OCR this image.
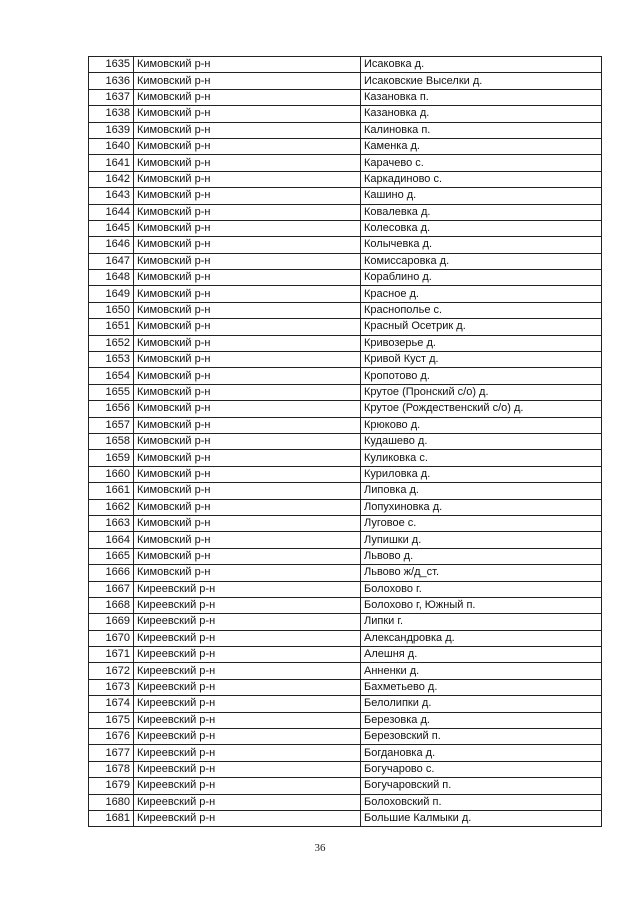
1635	Кимовский р-н	Исаковка д.
1636	Кимовский р-н	Исаковские Выселки д.
1637	Кимовский р-н	Казановка п.
1638	Кимовский р-н	Казановка д.
1639	Кимовский р-н	Калиновка п.
1640	Кимовский р-н	Каменка д.
1641	Кимовский р-н	Карачево с.
1642	Кимовский р-н	Каркадиново с.
1643	Кимовский р-н	Кашино д.
1644	Кимовский р-н	Ковалевка д.
1645	Кимовский р-н	Колесовка д.
1646	Кимовский р-н	Колычевка д.
1647	Кимовский р-н	Комиссаровка д.
1648	Кимовский р-н	Кораблино д.
1649	Кимовский р-н	Красное д.
1650	Кимовский р-н	Краснополье с.
1651	Кимовский р-н	Красный Осетрик д.
1652	Кимовский р-н	Кривозерье д.
1653	Кимовский р-н	Кривой Куст д.
1654	Кимовский р-н	Кропотово д.
1655	Кимовский р-н	Крутое (Пронский с/о) д.
1656	Кимовский р-н	Крутое (Рождественский с/о) д.
1657	Кимовский р-н	Крюково д.
1658	Кимовский р-н	Кудашево д.
1659	Кимовский р-н	Куликовка с.
1660	Кимовский р-н	Куриловка д.
1661	Кимовский р-н	Липовка д.
1662	Кимовский р-н	Лопухиновка д.
1663	Кимовский р-н	Луговое с.
1664	Кимовский р-н	Лупишки д.
1665	Кимовский р-н	Львово д.
1666	Кимовский р-н	Львово ж/д_ст.
1667	Киреевский р-н	Болохово г.
1668	Киреевский р-н	Болохово г, Южный п.
1669	Киреевский р-н	Липки г.
1670	Киреевский р-н	Александровка д.
1671	Киреевский р-н	Алешня д.
1672	Киреевский р-н	Анненки д.
1673	Киреевский р-н	Бахметьево д.
1674	Киреевский р-н	Белолипки д.
1675	Киреевский р-н	Березовка д.
1676	Киреевский р-н	Березовский п.
1677	Киреевский р-н	Богдановка д.
1678	Киреевский р-н	Богучарово с.
1679	Киреевский р-н	Богучаровский п.
1680	Киреевский р-н	Болоховский п.
1681	Киреевский р-н	Большие Калмыки д.
36
